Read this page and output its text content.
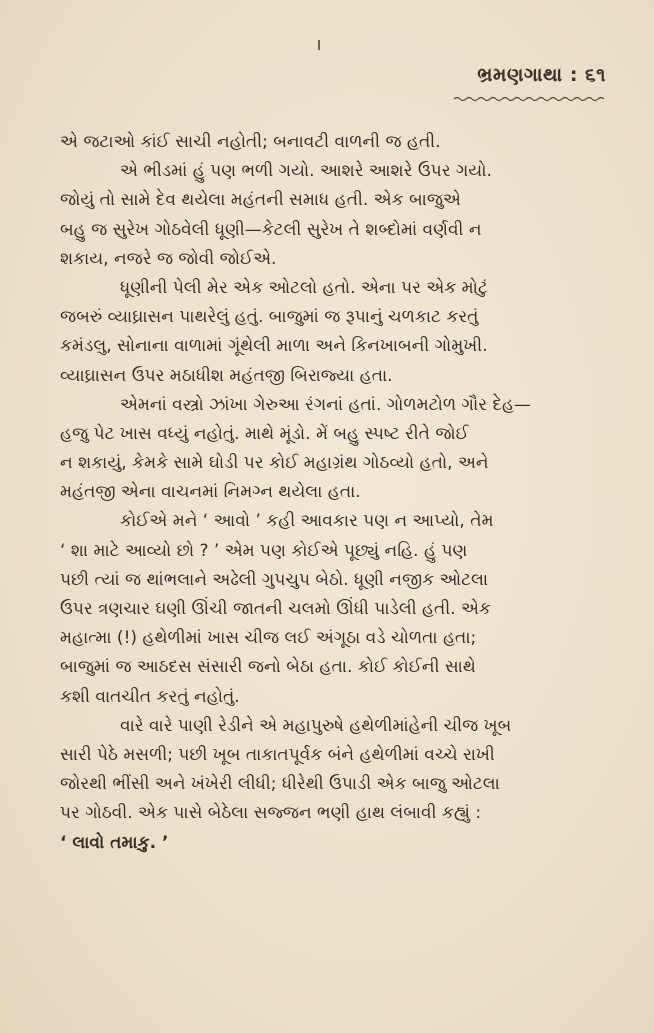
ભ્રમણગાથા : ૬૧
એ જટાઓ કાંઈ સાચી નહોતી; બનાવટી વાળની જ હતી.
એ ભીડમાં હું પણ ભળી ગયો. આશરે આશરે ઉપર ગયો.
જોયું તો સામે દેવ થયેલા મહંતની સમાધ હતી. એક બાજુએ
બહુ જ સુરેખ ગોઠવેલી ધૂણી—કેટલી સુરેખ તે શબ્દોમાં વર્ણવી ન
શકાય, નજરે જ જોવી જોઈએ.
ધૂણીની પેલી મેર એક ઓટલો હતો. એના પર એક મોટું
જબરું વ્યાઘ્રાસન પાથરેલું હતું. બાજુમાં જ રૂપાનું ચળકાટ કરતું
કમંડલુ, સોનાના વાળામાં ગૂંથેલી માળા અને કિનખાબની ગોમુખી.
વ્યાઘ્રાસન ઉપર મઠાધીશ મહંતજી બિરાજ્યા હતા.
એમનાં વસ્ત્રો ઝાંખા ગેરુઆ રંગનાં હતાં. ગોળમટોળ ગૌર દેહ—
હજુ પેટ ખાસ વધ્યું નહોતું. માથે મૂંડો. મેં બહુ સ્પષ્ટ રીતે જોઈ
ન શકાયું, કેમકે સામે ઘોડી પર કોઈ મહાગ્રંથ ગોઠવ્યો હતો, અને
મહંતજી એના વાચનમાં નિમગ્ન થયેલા હતા.
કોઈએ મને ‘ આવો ’ કહી આવકાર પણ ન આપ્યો, તેમ
‘ શા માટે આવ્યો છો ? ’ એમ પણ કોઈએ પૂછ્યું નહિ. હું પણ
પછી ત્યાં જ થાંભલાને અઢેલી ગુપચુપ બેઠો. ધૂણી નજીક ઓટલા
ઉપર ત્રણચાર ઘણી ઊંચી જાતની ચલમો ઊંધી પાડેલી હતી. એક
મહાત્મા (!) હથેળીમાં ખાસ ચીજ લઈ અંગૂઠા વડે ચોળતા હતા;
બાજુમાં જ આઠદસ સંસારી જનો બેઠા હતા. કોઈ કોઈની સાથે
કશી વાતચીત કરતું નહોતું.
વારે વારે પાણી રેડીને એ મહાપુરુષે હથેળીમાંહેની ચીજ ખૂબ
સારી પેઠે મસળી; પછી ખૂબ તાકાતપૂર્વક બંને હથેળીમાં વચ્ચે રાખી
જોરથી ભીંસી અને ખંખેરી લીધી; ધીરેથી ઉપાડી એક બાજુ ઓટલા
પર ગોઠવી. એક પાસે બેઠેલા સજ્જન ભણી હાથ લંબાવી કહ્યું :
‘ લાવો તમાકુ. ’
